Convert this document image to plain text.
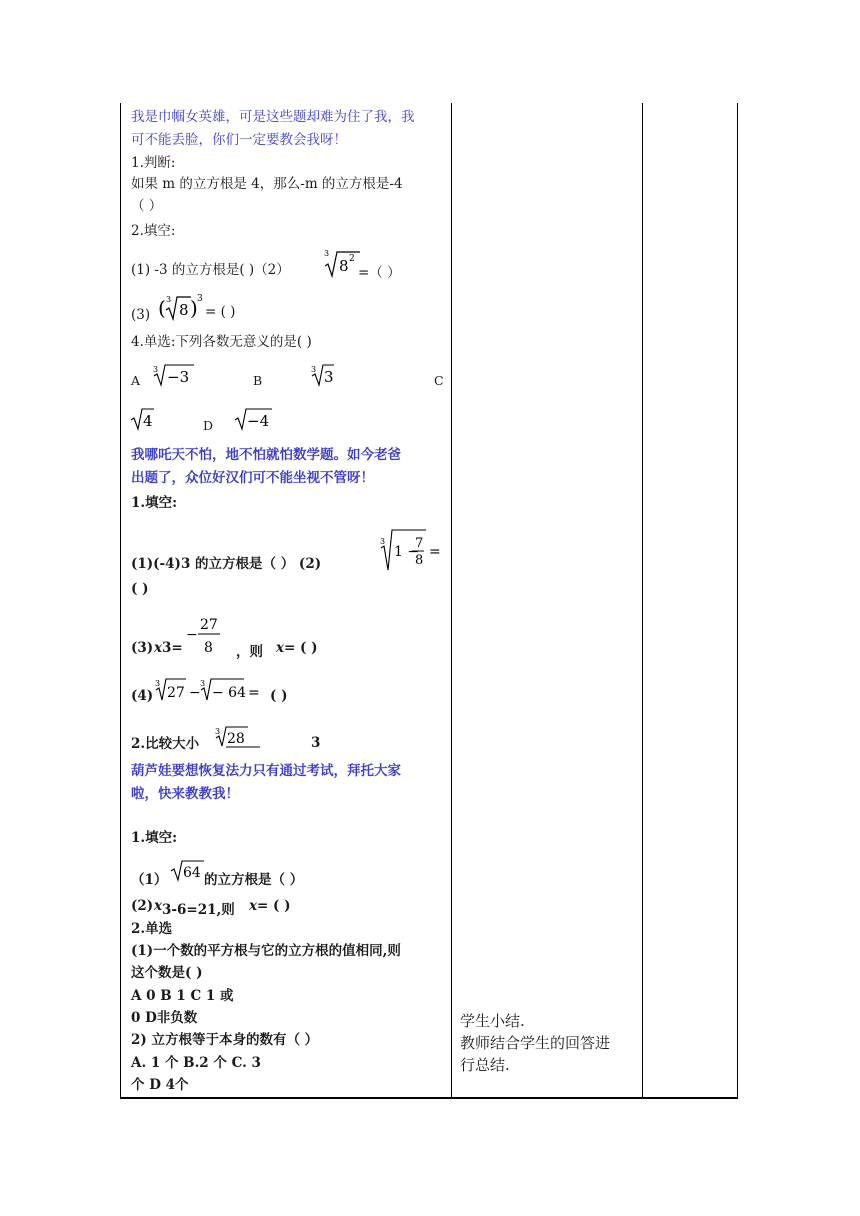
我是巾帼女英雄，可是这些题却难为住了我，我
可不能丢脸，你们一定要教会我呀！
1.判断:
如果 m 的立方根是 4，那么-m 的立方根是-4
（ ）
2.填空:
(1) -3 的立方根是( )（2）
3
8 2
=（ ）
(3) ( 3
8 ) 3
= ( )
4.单选:下列各数无意义的是( )
A
3 −3	B
3 3	C
4	D −4
我哪吒天不怕，地不怕就怕数学题。如今老爸
出题了，众位好汉们可不能坐视不管呀！
1.填空:
(1)(-4)3 的立方根是（ ） (2)
3
1 −
7
8
=
( )
(3) x 3=
−
27
8 ，则 x = ( )
(4)
3
27 −
3
− 64 = ( )
2.比较大小
3 28	3
葫芦娃要想恢复法力只有通过考试，拜托大家
啦，快来教教我！
1.填空:
（1） 64 的立方根是（ ）
(2) x 3-6=21,则 x = ( )
2.单选
(1)一个数的平方根与它的立方根的值相同,则
这个数是( )
A 0 B 1 C 1 或
0 D非负数
2) 立方根等于本身的数有（ ）
A. 1 个 B.2 个 C. 3
个 D 4个
学生小结.
教师结合学生的回答进
行总结.
